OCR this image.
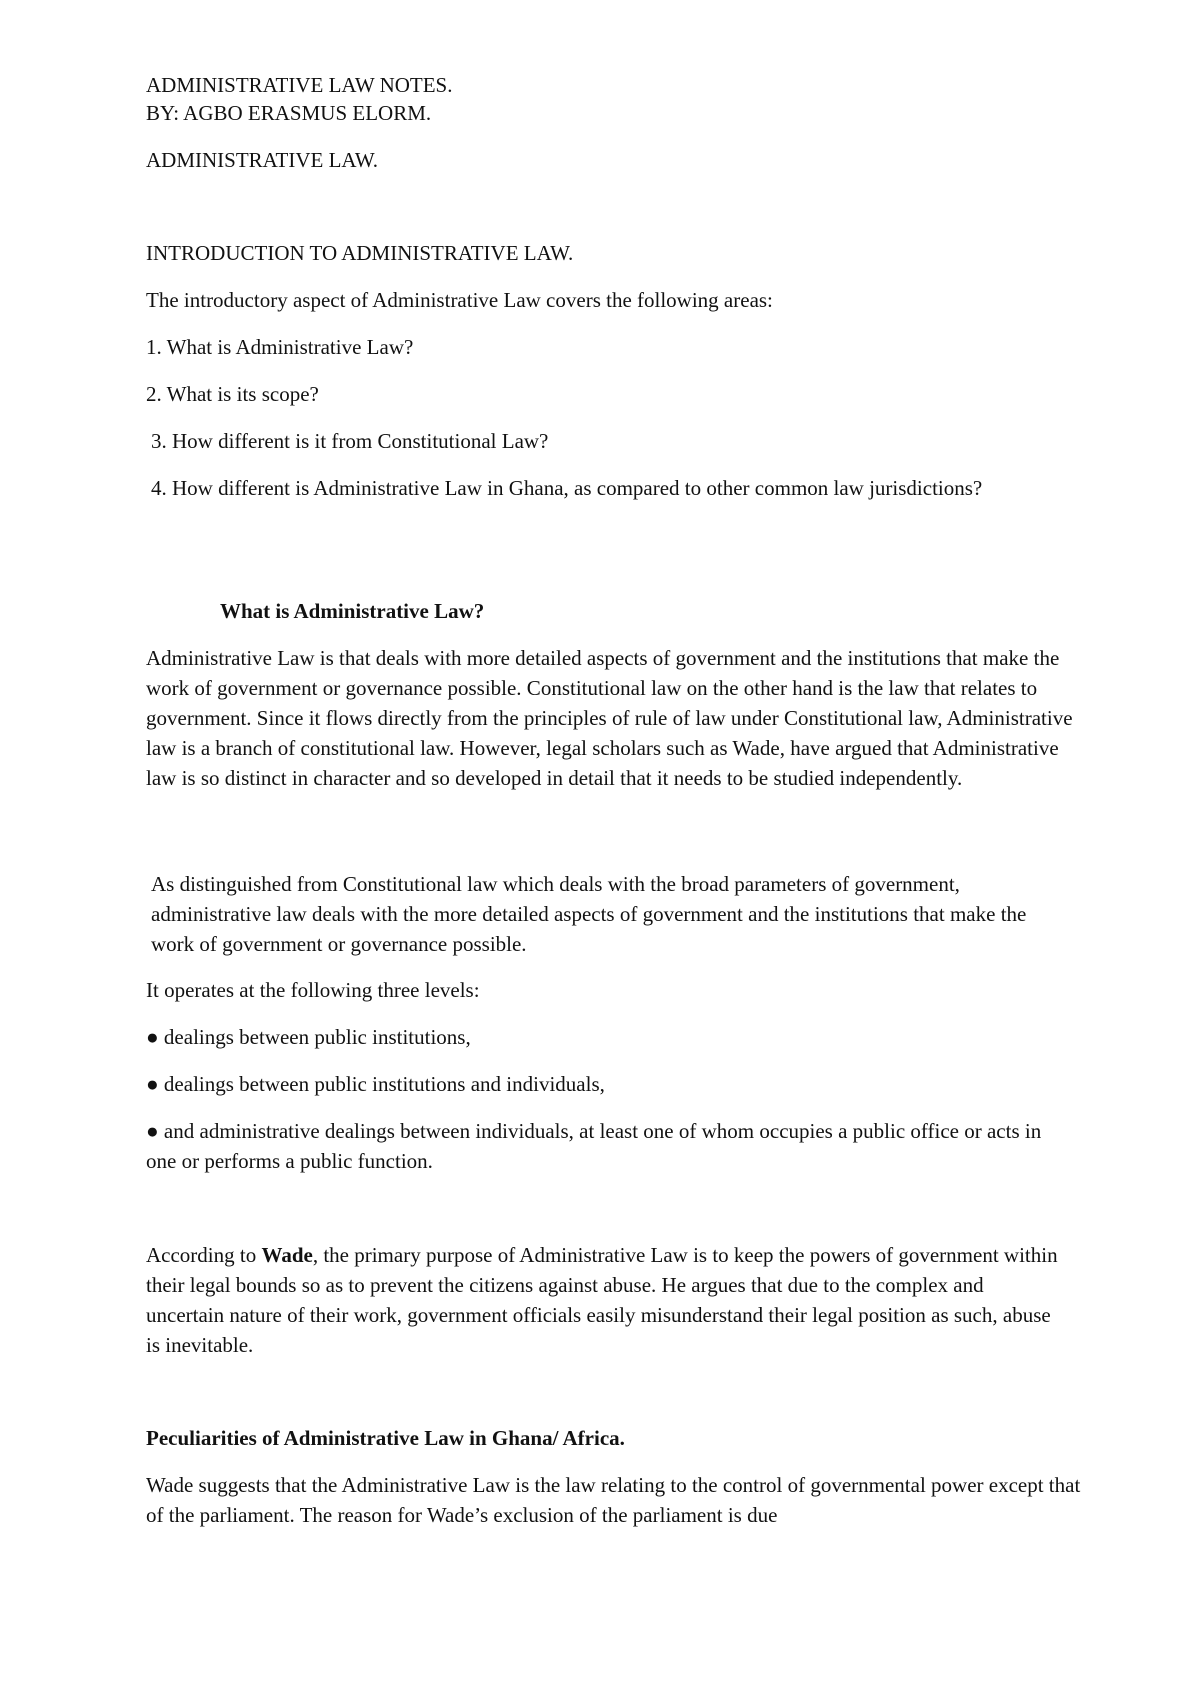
ADMINISTRATIVE LAW NOTES.

BY: AGBO ERASMUS ELORM.

ADMINISTRATIVE LAW.

INTRODUCTION TO ADMINISTRATIVE LAW.

The introductory aspect of Administrative Law covers the following areas:

1. What is Administrative Law?

2. What is its scope?

3. How different is it from Constitutional Law?

4. How different is Administrative Law in Ghana, as compared to other common law jurisdictions?

What is Administrative Law?

Administrative Law is that deals with more detailed aspects of government and the institutions that make the work of government or governance possible. Constitutional law on the other hand is the law that relates to government. Since it flows directly from the principles of rule of law under Constitutional law, Administrative law is a branch of constitutional law. However, legal scholars such as Wade, have argued that Administrative law is so distinct in character and so developed in detail that it needs to be studied independently.

As distinguished from Constitutional law which deals with the broad parameters of government, administrative law deals with the more detailed aspects of government and the institutions that make the work of government or governance possible.

It operates at the following three levels:

● dealings between public institutions,

● dealings between public institutions and individuals,

● and administrative dealings between individuals, at least one of whom occupies a public office or acts in one or performs a public function.

According to Wade, the primary purpose of Administrative Law is to keep the powers of government within their legal bounds so as to prevent the citizens against abuse. He argues that due to the complex and uncertain nature of their work, government officials easily misunderstand their legal position as such, abuse is inevitable.

Peculiarities of Administrative Law in Ghana/ Africa.

Wade suggests that the Administrative Law is the law relating to the control of governmental power except that of the parliament. The reason for Wade’s exclusion of the parliament is due
